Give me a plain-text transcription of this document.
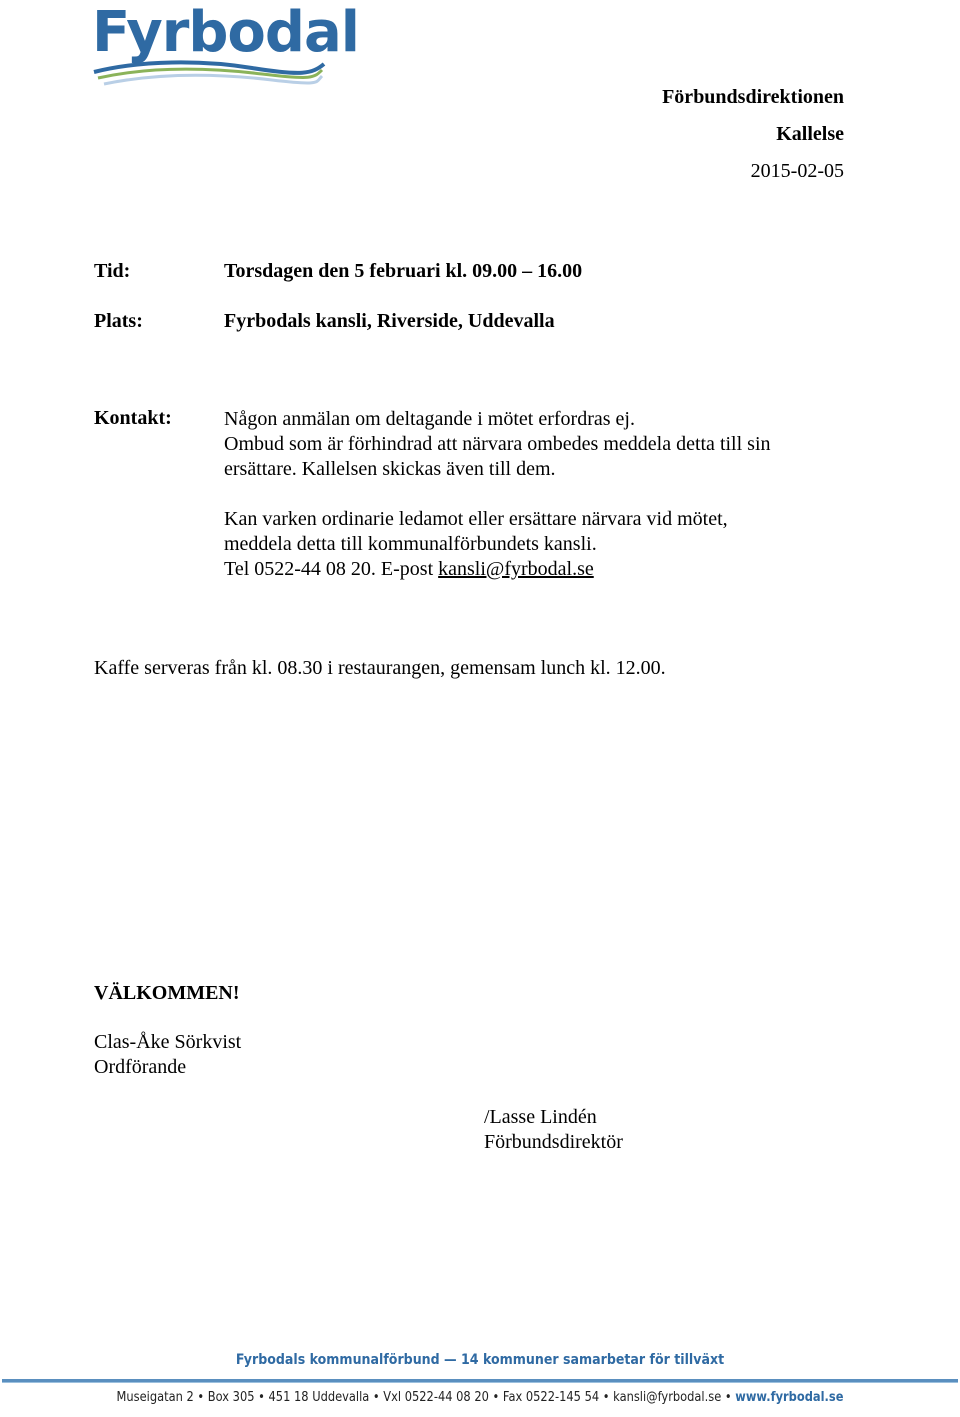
Fyrbodal
Förbundsdirektionen
Kallelse
2015-02-05
Tid:	Torsdagen den 5 februari kl. 09.00 – 16.00
Plats:	Fyrbodals kansli, Riverside, Uddevalla
Kontakt:	Någon anmälan om deltagande i mötet erfordras ej.
Ombud som är förhindrad att närvara ombedes meddela detta till sin
ersättare. Kallelsen skickas även till dem.
Kan varken ordinarie ledamot eller ersättare närvara vid mötet,
meddela detta till kommunalförbundets kansli.
Tel 0522-44 08 20. E-post kansli@fyrbodal.se
Kaffe serveras från kl. 08.30 i restaurangen, gemensam lunch kl. 12.00.
VÄLKOMMEN!
Clas-Åke Sörkvist
Ordförande
/Lasse Lindén
Förbundsdirektör
Fyrbodals kommunalförbund — 14 kommuner samarbetar för tillväxt
Museigatan 2 • Box 305 • 451 18 Uddevalla • Vxl 0522-44 08 20 • Fax 0522-145 54 • kansli@fyrbodal.se • www.fyrbodal.se
